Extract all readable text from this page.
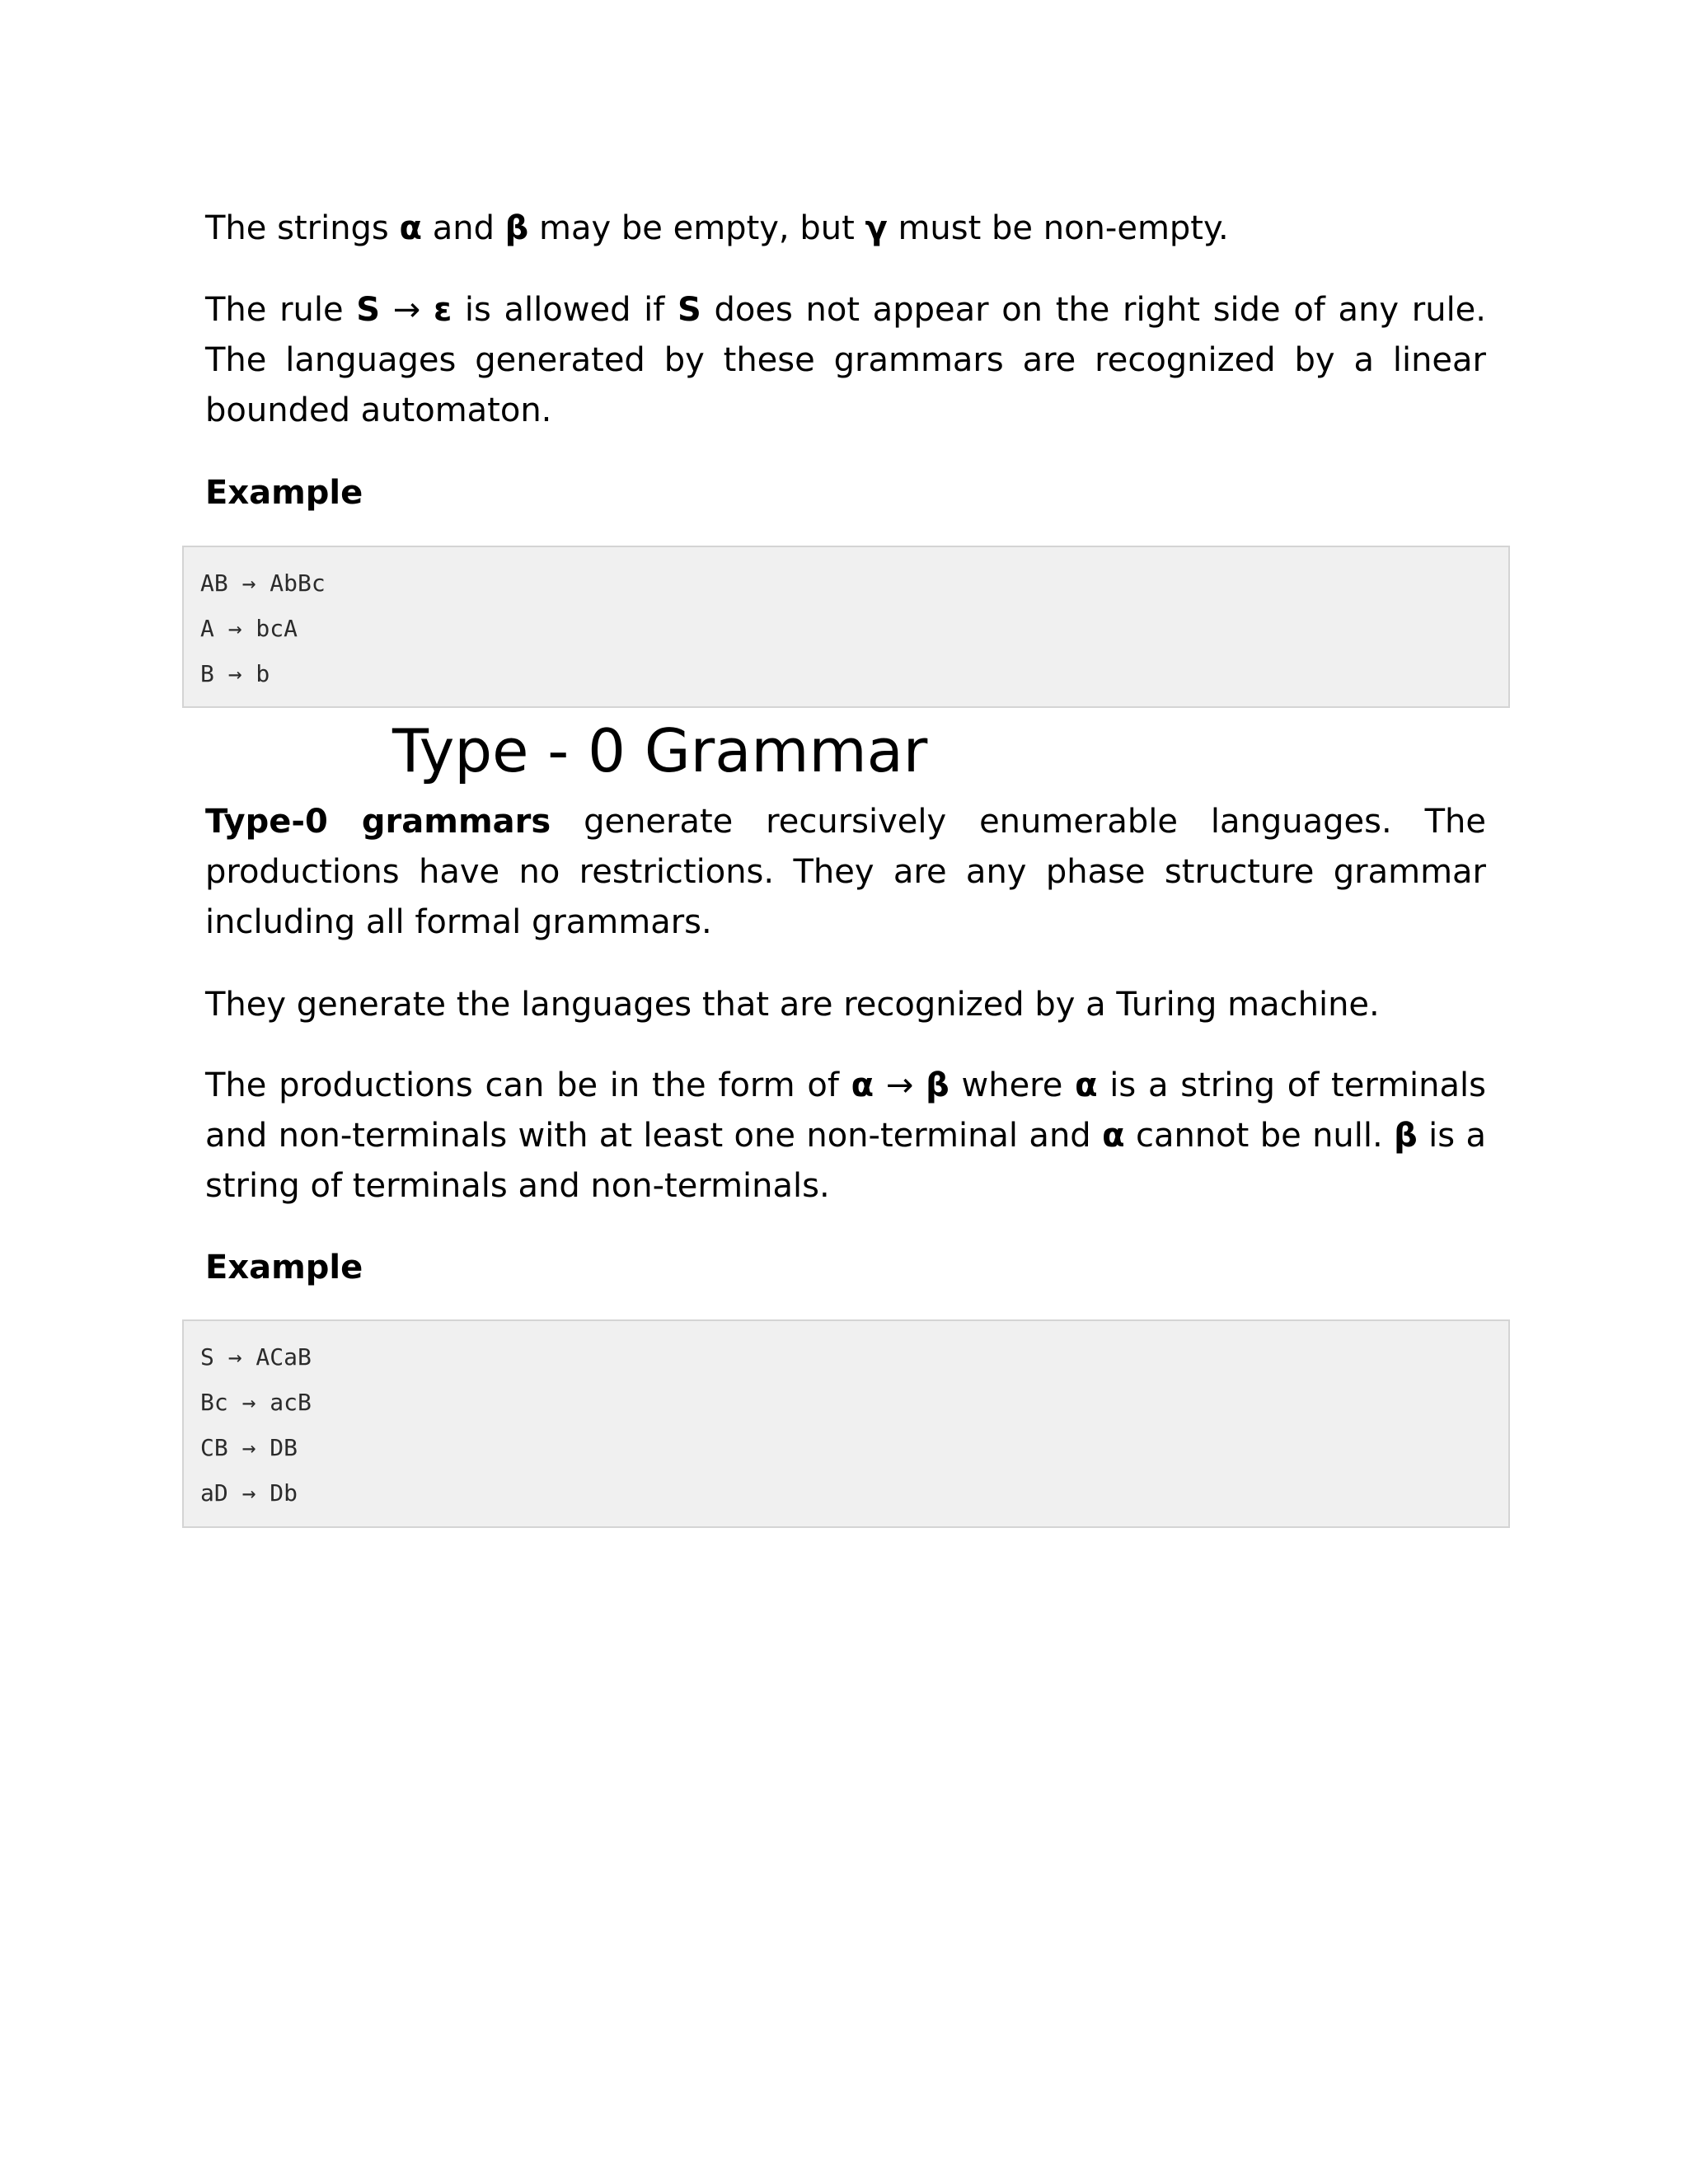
The strings α and β may be empty, but γ must be non-empty.

The rule S → ε is allowed if S does not appear on the right side of any rule. The languages generated by these grammars are recognized by a linear bounded automaton.

Example
AB → AbBc
A → bcA
B → b
Type - 0 Grammar

Type-0 grammars generate recursively enumerable languages. The productions have no restrictions. They are any phase structure grammar including all formal grammars.

They generate the languages that are recognized by a Turing machine.

The productions can be in the form of α → β where α is a string of terminals and non-terminals with at least one non-terminal and α cannot be null. β is a string of terminals and non-terminals.

Example
S → ACaB
Bc → acB
CB → DB
aD → Db
